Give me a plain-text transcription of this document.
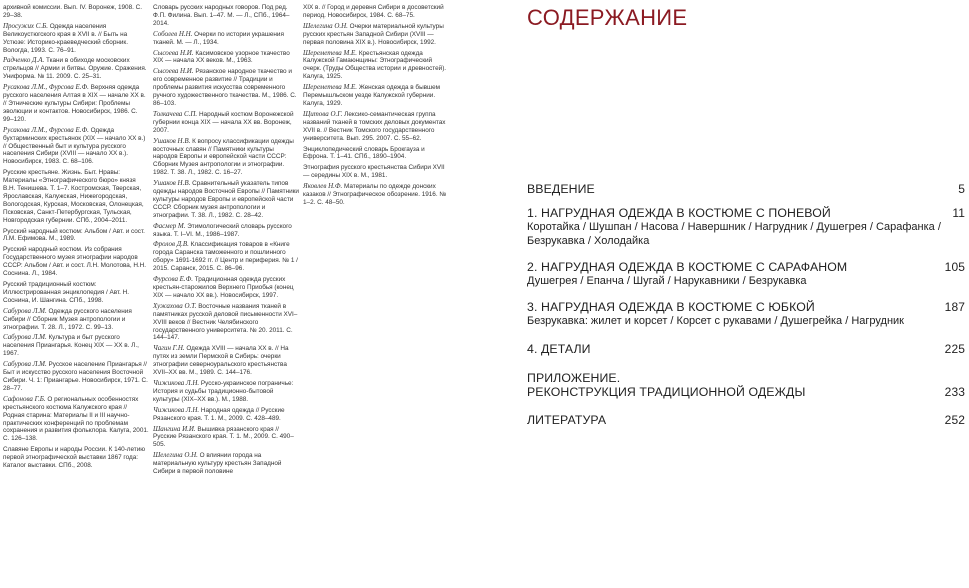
архивной комиссии. Вып. IV. Воронеж, 1908. С. 29–38.
Просужих С.Б. Одежда населения Великоустюгского края в XVII в. // Быть на Устюзе: Историко-краеведческий сборник. Вологда, 1993. С. 76–91.
Радченко Д.А. Ткани в обиходе московских стрельцов // Армии и битвы. Оружие. Сражения. Униформа. № 11. 2009. С. 25–31.
Русакова Л.М., Фурсова Е.Ф. Верхняя одежда русского населения Алтая в XIX — начале XX в. // Этнические культуры Сибири: Проблемы эволюции и контактов. Новосибирск, 1986. С. 99–120.
Русакова Л.М., Фурсова Е.Ф. Одежда бухтарминских крестьянок (XIX — начало XX в.) // Общественный быт и культура русского населения Сибири (XVIII — начало XX в.). Новосибирск, 1983. С. 68–106.
Русские крестьяне. Жизнь. Быт. Нравы: Материалы «Этнографического бюро» князя В.Н. Тенишева. Т. 1–7. Костромская, Тверская, Ярославская, Калужская, Нижегородская, Вологодская, Курская, Московская, Олонецкая, Псковская, Санкт-Петербургская, Тульская, Новгородская губернии. СПб., 2004–2011.
Русский народный костюм: Альбом / Авт. и сост. Л.М. Ефимова. М., 1989.
Русский народный костюм. Из собрания Государственного музея этнографии народов СССР: Альбом / Авт. и сост. Л.Н. Молотова, Н.Н. Соснина. Л., 1984.
Русский традиционный костюм: Иллюстрированная энциклопедия / Авт. Н. Соснина, И. Шангина. СПб., 1998.
Сабурова Л.М. Одежда русского населения Сибири // Сборник Музея антропологии и этнографии. Т. 28. Л., 1972. С. 99–13.
Сабурова Л.М. Культура и быт русского населения Приангарья. Конец XIX — XX в. Л., 1967.
Сабурова Л.М. Русское население Приангарья // Быт и искусство русского населения Восточной Сибири. Ч. 1: Приангарье. Новосибирск, 1971. С. 28–77.
Сафонова Г.Б. О региональных особенностях крестьянского костюма Калужского края // Родная старина: Материалы II и III научно-практических конференций по проблемам сохранения и развития фольклора. Калуга, 2001. С. 126–138.
Славяне Европы и народы России. К 140-летию первой этнографической выставки 1867 года: Каталог выставки. СПб., 2008.
Словарь русских народных говоров. Под ред. Ф.П. Филина. Вып. 1–47. М. — Л., СПб., 1964–2014.
Соболев Н.Н. Очерки по истории украшения тканей. М. — Л., 1934.
Сысоева Н.И. Касимовское узорное ткачество XIX — начала XX веков. М., 1963.
Сысоева Н.И. Рязанское народное ткачество и его современное развитие // Традиции и проблемы развития искусства современного ручного художественного ткачества. М., 1986. С. 86–103.
Толкачева С.П. Народный костюм Воронежской губернии конца XIX — начала XX вв. Воронеж, 2007.
Ушаков Н.В. К вопросу классификации одежды восточных славян // Памятники культуры народов Европы и европейской части СССР: Сборник Музея антропологии и этнографии. 1982. Т. 38. Л., 1982. С. 16–27.
Ушаков Н.В. Сравнительный указатель типов одежды народов Восточной Европы // Памятники культуры народов Европы и европейской части СССР. Сборник музея антропологии и этнографии. Т. 38. Л., 1982. С. 28–42.
Фасмер М. Этимологический словарь русского языка. Т. I–VI. М., 1986–1987.
Фролов Д.В. Классификация товаров в «Книге города Саранска таможенного и пошлинного сбору» 1691-1692 гг. // Центр и периферия. № 1 / 2015. Саранск, 2015. С. 86–96.
Фурсова Е.Ф. Традиционная одежда русских крестьян-старожилов Верхнего Приобья (конец XIX — начало XX вв.). Новосибирск, 1997.
Хужахова О.Т. Восточные названия тканей в памятниках русской деловой письменности XVI–XVIII веков // Вестник Челябинского государственного университета. № 20. 2011. С. 144–147.
Чагин Г.Н. Одежда XVIII — начала XX в. // На путях из земли Пермской в Сибирь: очерки этнографии северноуральского крестьянства XVII–XX вв. М., 1989. С. 144–176.
Чижикова Л.Н. Русско-украинское пограничье: История и судьбы традиционно-бытовой культуры (XIX–XX вв.). М., 1988.
Чижикова Л.Н. Народная одежда // Русские Рязанского края. Т. 1. М., 2009. С. 428–489.
Шангина И.И. Вышивка рязанского края // Русские Рязанского края. Т. 1. М., 2009. С. 490–505.
Шелегина О.Н. О влиянии города на материальную культуру крестьян Западной Сибири в первой половине
XIX в. // Город и деревня Сибири в досоветский период. Новосибирск, 1984. С. 68–75.
Шелегина О.Н. Очерки материальной культуры русских крестьян Западной Сибири (XVIII — первая половина XIX в.). Новосибирск, 1992.
Шереметева М.Е. Крестьянская одежда Калужской Гамаюнщины: Этнографический очерк. (Труды Общества истории и древностей). Калуга, 1925.
Шереметева М.Е. Женская одежда в бывшем Перемышльском уезде Калужской губернии. Калуга, 1929.
Щитова О.Г. Лексико-семантическая группа названий тканей в томских деловых документах XVII в. // Вестник Томского государственного университета. Вып. 295. 2007. С. 55–62.
Энциклопедический словарь Брокгауза и Ефрона. Т. 1–41. СПб., 1890–1904.
Этнография русского крестьянства Сибири XVII — середины XIX в. М., 1981.
Яковлев Н.Ф. Материалы по одежде донских казаков // Этнографическое обозрение. 1916. № 1–2. С. 48–50.
СОДЕРЖАНИЕ
ВВЕДЕНИЕ	5
1. НАГРУДНАЯ ОДЕЖДА В КОСТЮМЕ С ПОНЕВОЙ	11
Коротайка / Шушпан / Насова / Навершник / Нагрудник / Душегрея / Сарафанка / Безрукавка / Холодайка
2. НАГРУДНАЯ ОДЕЖДА В КОСТЮМЕ С САРАФАНОМ	105
Душегрея / Епанча / Шугай / Нарукавники / Безрукавка
3. НАГРУДНАЯ ОДЕЖДА В КОСТЮМЕ С ЮБКОЙ	187
Безрукавка: жилет и корсет / Корсет с рукавами / Душегрейка / Нагрудник
4. ДЕТАЛИ	225
ПРИЛОЖЕНИЕ.
РЕКОНСТРУКЦИЯ ТРАДИЦИОННОЙ ОДЕЖДЫ	233
ЛИТЕРАТУРА	252
